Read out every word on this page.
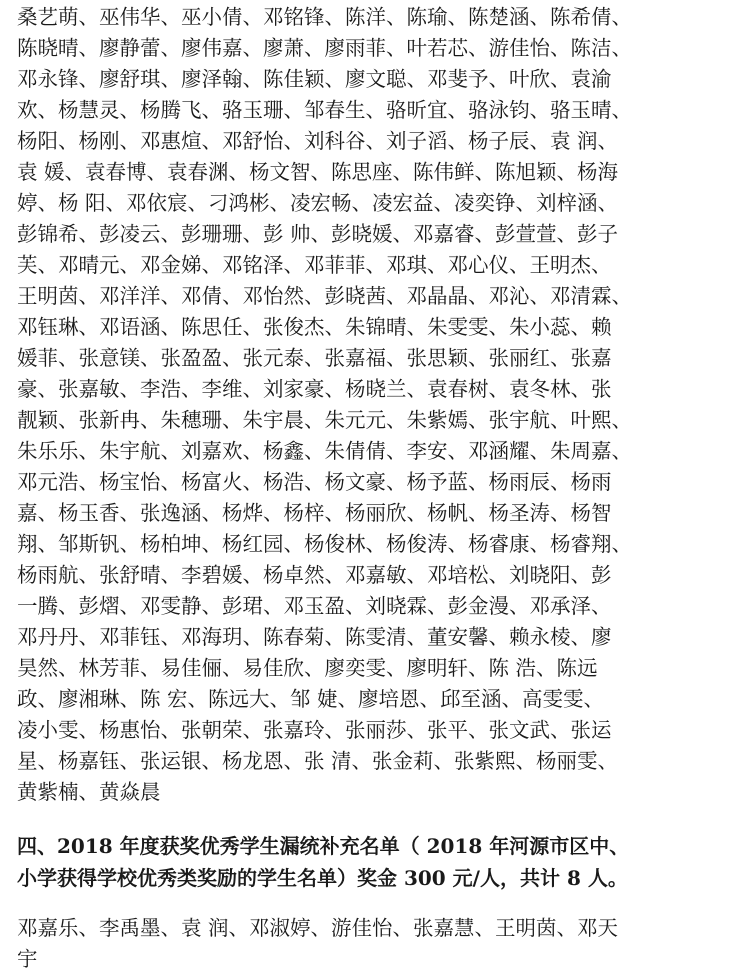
桑艺萌、巫伟华、巫小倩、邓铭锋、陈洋、陈瑜、陈楚涵、陈希倩、
陈晓晴、廖静蕾、廖伟嘉、廖萧、廖雨菲、叶若芯、游佳怡、陈洁、
邓永锋、廖舒琪、廖泽翰、陈佳颖、廖文聪、邓斐予、叶欣、袁渝
欢、杨慧灵、杨腾飞、骆玉珊、邹春生、骆昕宜、骆泳钧、骆玉晴、
杨阳、杨刚、邓惠煊、邓舒怡、刘科谷、刘子滔、杨子辰、袁 润、
袁 媛、袁春博、袁春渊、杨文智、陈思座、陈伟鲜、陈旭颖、杨海
婷、杨 阳、邓依宸、刁鸿彬、凌宏畅、凌宏益、凌奕铮、刘梓涵、
彭锦希、彭凌云、彭珊珊、彭 帅、彭晓媛、邓嘉睿、彭萱萱、彭子
芙、邓晴元、邓金娣、邓铭泽、邓菲菲、邓琪、邓心仪、王明杰、
王明茵、邓洋洋、邓倩、邓怡然、彭晓茜、邓晶晶、邓沁、邓清霖、
邓钰琳、邓语涵、陈思任、张俊杰、朱锦晴、朱雯雯、朱小蕊、赖
媛菲、张意镁、张盈盈、张元泰、张嘉福、张思颖、张丽红、张嘉
豪、张嘉敏、李浩、李维、刘家豪、杨晓兰、袁春树、袁冬林、张
靓颖、张新冉、朱穗珊、朱宇晨、朱元元、朱紫嫣、张宇航、叶熙、
朱乐乐、朱宇航、刘嘉欢、杨鑫、朱倩倩、李安、邓涵耀、朱周嘉、
邓元浩、杨宝怡、杨富火、杨浩、杨文豪、杨予蓝、杨雨辰、杨雨
嘉、杨玉香、张逸涵、杨烨、杨梓、杨丽欣、杨帆、杨圣涛、杨智
翔、邹斯钒、杨柏坤、杨红园、杨俊林、杨俊涛、杨睿康、杨睿翔、
杨雨航、张舒晴、李碧媛、杨卓然、邓嘉敏、邓培松、刘晓阳、彭
一腾、彭熠、邓雯静、彭珺、邓玉盈、刘晓霖、彭金漫、邓承泽、
邓丹丹、邓菲钰、邓海玥、陈春菊、陈雯清、董安馨、赖永棱、廖
昊然、林芳菲、易佳俪、易佳欣、廖奕雯、廖明轩、陈 浩、陈远
政、廖湘琳、陈 宏、陈远大、邹 婕、廖培恩、邱至涵、高雯雯、
凌小雯、杨惠怡、张朝荣、张嘉玲、张丽莎、张平、张文武、张运
星、杨嘉钰、张运银、杨龙恩、张 清、张金莉、张紫熙、杨丽雯、
黄紫楠、黄焱晨
四、2018 年度获奖优秀学生漏统补充名单（ 2018 年河源市区中、
小学获得学校优秀类奖励的学生名单）奖金 300 元/人，共计 8 人。
邓嘉乐、李禹墨、袁 润、邓淑婷、游佳怡、张嘉慧、王明茵、邓天
宇
